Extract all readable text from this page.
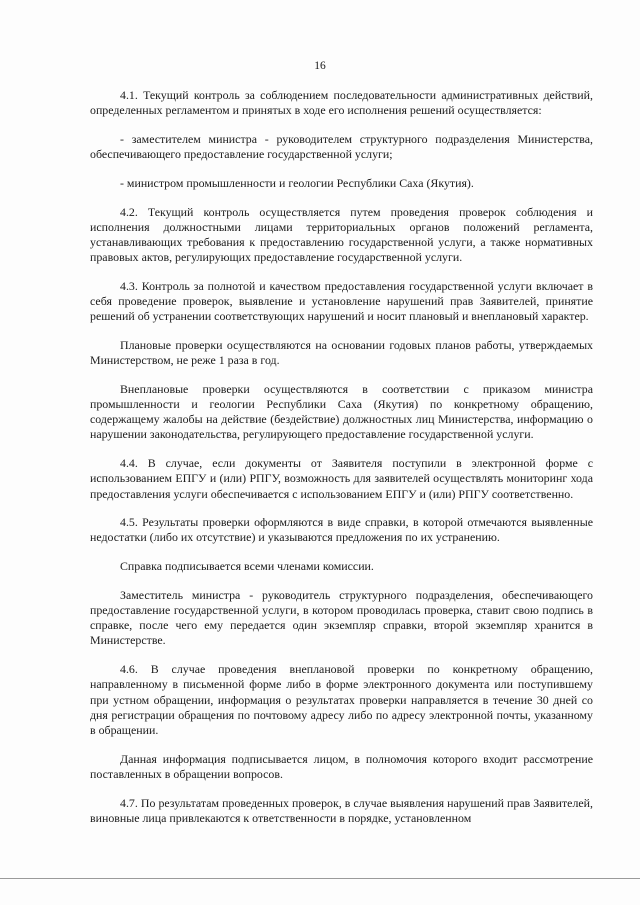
16

4.1. Текущий контроль за соблюдением последовательности административных действий, определенных регламентом и принятых в ходе его исполнения решений осуществляется:

- заместителем министра - руководителем структурного подразделения Министерства, обеспечивающего предоставление государственной услуги;

- министром промышленности и геологии Республики Саха (Якутия).

4.2. Текущий контроль осуществляется путем проведения проверок соблюдения и исполнения должностными лицами территориальных органов положений регламента, устанавливающих требования к предоставлению государственной услуги, а также нормативных правовых актов, регулирующих предоставление государственной услуги.

4.3. Контроль за полнотой и качеством предоставления государственной услуги включает в себя проведение проверок, выявление и установление нарушений прав Заявителей, принятие решений об устранении соответствующих нарушений и носит плановый и внеплановый характер.

Плановые проверки осуществляются на основании годовых планов работы, утверждаемых Министерством, не реже 1 раза в год.

Внеплановые проверки осуществляются в соответствии с приказом министра промышленности и геологии Республики Саха (Якутия) по конкретному обращению, содержащему жалобы на действие (бездействие) должностных лиц Министерства, информацию о нарушении законодательства, регулирующего предоставление государственной услуги.

4.4. В случае, если документы от Заявителя поступили в электронной форме с использованием ЕПГУ и (или) РПГУ, возможность для заявителей осуществлять мониторинг хода предоставления услуги обеспечивается с использованием ЕПГУ и (или) РПГУ соответственно.

4.5. Результаты проверки оформляются в виде справки, в которой отмечаются выявленные недостатки (либо их отсутствие) и указываются предложения по их устранению.

Справка подписывается всеми членами комиссии.

Заместитель министра - руководитель структурного подразделения, обеспечивающего предоставление государственной услуги, в котором проводилась проверка, ставит свою подпись в справке, после чего ему передается один экземпляр справки, второй экземпляр хранится в Министерстве.

4.6. В случае проведения внеплановой проверки по конкретному обращению, направленному в письменной форме либо в форме электронного документа или поступившему при устном обращении, информация о результатах проверки направляется в течение 30 дней со дня регистрации обращения по почтовому адресу либо по адресу электронной почты, указанному в обращении.

Данная информация подписывается лицом, в полномочия которого входит рассмотрение поставленных в обращении вопросов.

4.7. По результатам проведенных проверок, в случае выявления нарушений прав Заявителей, виновные лица привлекаются к ответственности в порядке, установленном
